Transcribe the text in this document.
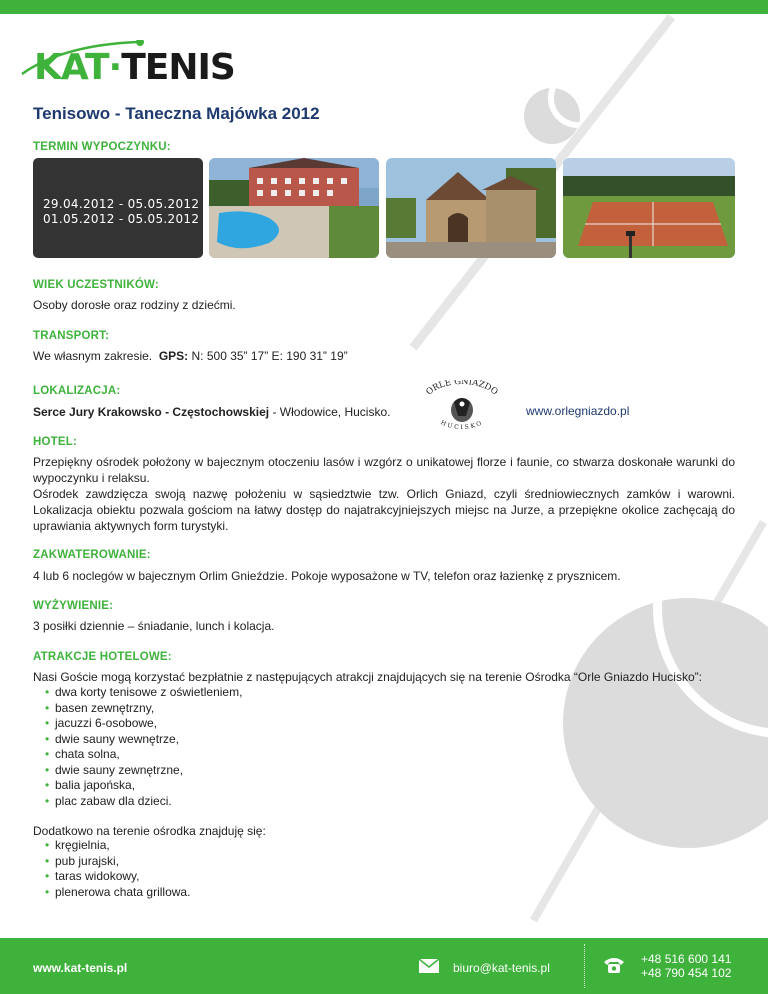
KAT·TENIS
Tenisowo - Taneczna Majówka 2012
TERMIN WYPOCZYNKU:
29.04.2012 - 05.05.2012
01.05.2012 - 05.05.2012
WIEK UCZESTNIKÓW:
Osoby dorosłe oraz rodziny z dziećmi.
TRANSPORT:
We własnym zakresie. GPS: N: 500 35” 17” E: 190 31” 19”
LOKALIZACJA:
Serce Jury Krakowsko - Częstochowskiej - Włodowice, Hucisko.
ORLE GNIAZDO
HUCISKO
www.orlegniazdo.pl
HOTEL:
Przepiękny ośrodek położony w bajecznym otoczeniu lasów i wzgórz o unikatowej florze i faunie, co stwarza doskonałe warunki do wypoczynku i relaksu.
Ośrodek zawdzięcza swoją nazwę położeniu w sąsiedztwie tzw. Orlich Gniazd, czyli średniowiecznych zamków i warowni. Lokalizacja obiektu pozwala gościom na łatwy dostęp do najatrakcyjniejszych miejsc na Jurze, a przepiękne okolice zachęcają do uprawiania aktywnych form turystyki.
ZAKWATEROWANIE:
4 lub 6 noclegów w bajecznym Orlim Gnieździe. Pokoje wyposażone w TV, telefon oraz łazienkę z prysznicem.
WYŻYWIENIE:
3 posiłki dziennie – śniadanie, lunch i kolacja.
ATRAKCJE HOTELOWE:
Nasi Goście mogą korzystać bezpłatnie z następujących atrakcji znajdujących się na terenie Ośrodka “Orle Gniazdo Hucisko”:
• dwa korty tenisowe z oświetleniem,
• basen zewnętrzny,
• jacuzzi 6-osobowe,
• dwie sauny wewnętrze,
• chata solna,
• dwie sauny zewnętrzne,
• balia japońska,
• plac zabaw dla dzieci.
Dodatkowo na terenie ośrodka znajduję się:
• kręgielnia,
• pub jurajski,
• taras widokowy,
• plenerowa chata grillowa.
www.kat-tenis.pl	biuro@kat-tenis.pl
+48 516 600 141
+48 790 454 102
